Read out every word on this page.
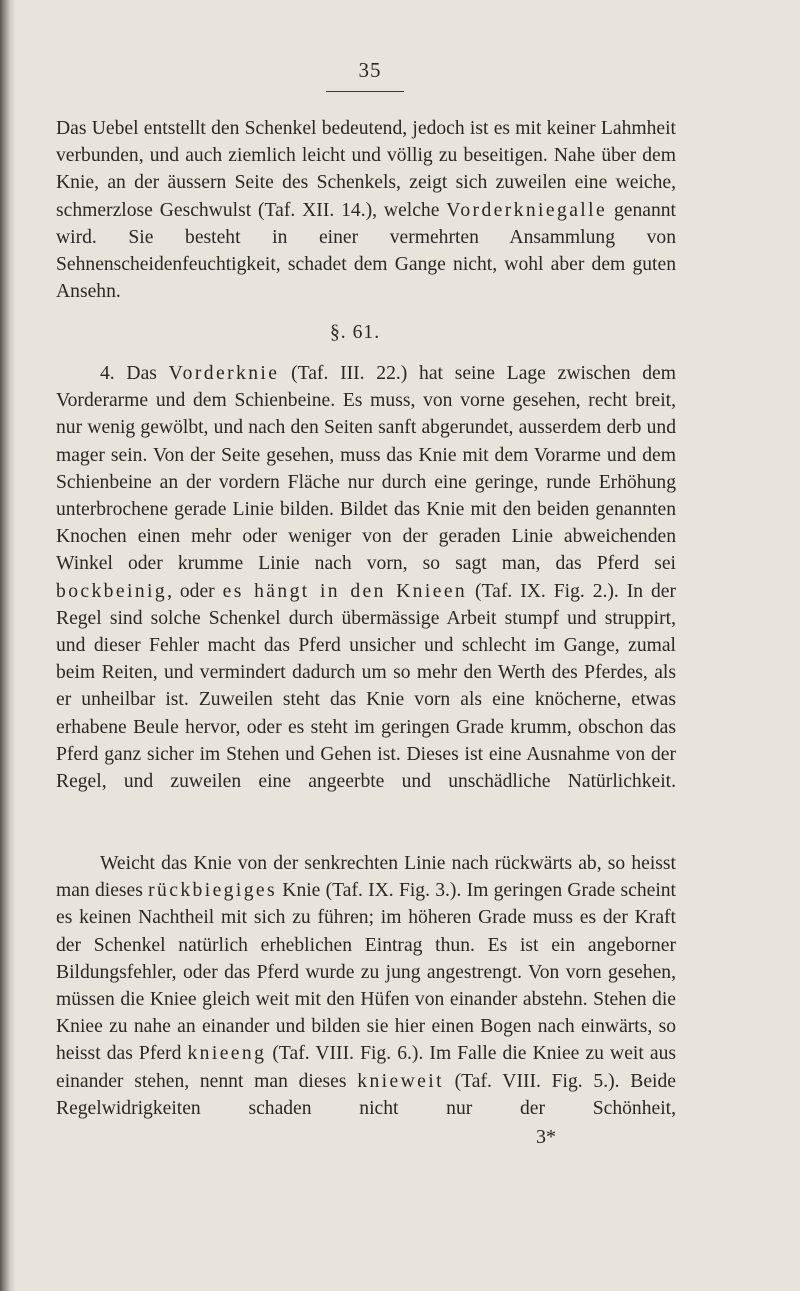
35
Das Uebel entstellt den Schenkel bedeutend, jedoch ist es mit keiner Lahmheit verbunden, und auch ziemlich leicht und völlig zu beseitigen. Nahe über dem Knie, an der äussern Seite des Schenkels, zeigt sich zuweilen eine weiche, schmerzlose Geschwulst (Taf. XII. 14.), welche Vorderkniegalle genannt wird. Sie besteht in einer vermehrten Ansammlung von Sehnenscheidenfeuchtigkeit, schadet dem Gange nicht, wohl aber dem guten Ansehn.
§. 61.
4. Das Vorderknie (Taf. III. 22.) hat seine Lage zwischen dem Vorderarme und dem Schienbeine. Es muss, von vorne gesehen, recht breit, nur wenig gewölbt, und nach den Seiten sanft abgerundet, ausserdem derb und mager sein. Von der Seite gesehen, muss das Knie mit dem Vorarme und dem Schienbeine an der vordern Fläche nur durch eine geringe, runde Erhöhung unterbrochene gerade Linie bilden. Bildet das Knie mit den beiden genannten Knochen einen mehr oder weniger von der geraden Linie abweichenden Winkel oder krumme Linie nach vorn, so sagt man, das Pferd sei bockbeinig, oder es hängt in den Knieen (Taf. IX. Fig. 2.). In der Regel sind solche Schenkel durch übermässige Arbeit stumpf und struppirt, und dieser Fehler macht das Pferd unsicher und schlecht im Gange, zumal beim Reiten, und vermindert dadurch um so mehr den Werth des Pferdes, als er unheilbar ist. Zuweilen steht das Knie vorn als eine knöcherne, etwas erhabene Beule hervor, oder es steht im geringen Grade krumm, obschon das Pferd ganz sicher im Stehen und Gehen ist. Dieses ist eine Ausnahme von der Regel, und zuweilen eine angeerbte und unschädliche Natürlichkeit.
Weicht das Knie von der senkrechten Linie nach rückwärts ab, so heisst man dieses rückbiegiges Knie (Taf. IX. Fig. 3.). Im geringen Grade scheint es keinen Nachtheil mit sich zu führen; im höheren Grade muss es der Kraft der Schenkel natürlich erheblichen Eintrag thun. Es ist ein angeborner Bildungsfehler, oder das Pferd wurde zu jung angestrengt. Von vorn gesehen, müssen die Kniee gleich weit mit den Hüfen von einander abstehn. Stehen die Kniee zu nahe an einander und bilden sie hier einen Bogen nach einwärts, so heisst das Pferd knieeng (Taf. VIII. Fig. 6.). Im Falle die Kniee zu weit aus einander stehen, nennt man dieses knieweit (Taf. VIII. Fig. 5.). Beide Regelwidrigkeiten schaden nicht nur der Schönheit,
3*
